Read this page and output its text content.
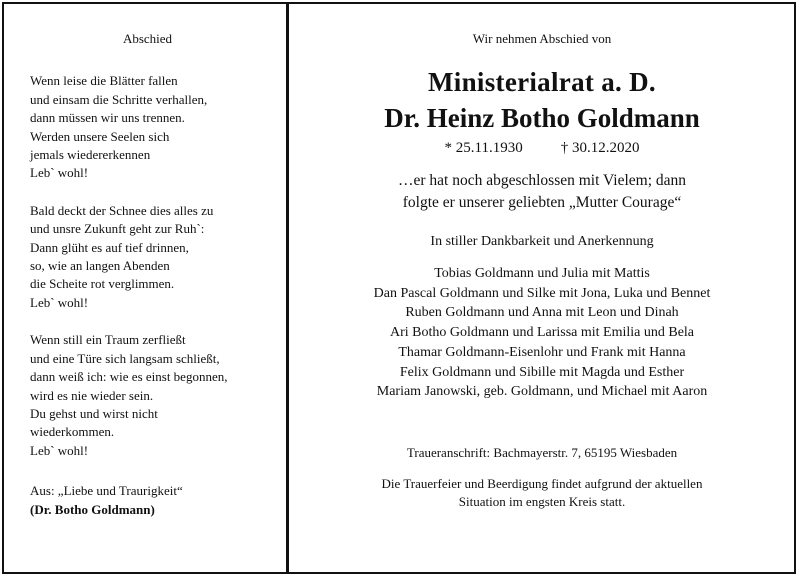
Abschied
Wenn leise die Blätter fallen
und einsam die Schritte verhallen,
dann müssen wir uns trennen.
Werden unsere Seelen sich
jemals wiedererkennen
Leb` wohl!
Bald deckt der Schnee dies alles zu
und unsre Zukunft geht zur Ruh`:
Dann glüht es auf tief drinnen,
so, wie an langen Abenden
die Scheite rot verglimmen.
Leb` wohl!
Wenn still ein Traum zerfließt
und eine Türe sich langsam schließt,
dann weiß ich: wie es einst begonnen,
wird es nie wieder sein.
Du gehst und wirst nicht
wiederkommen.
Leb` wohl!
Aus: „Liebe und Traurigkeit“
(Dr. Botho Goldmann)
Wir nehmen Abschied von
Ministerialrat a. D.
Dr. Heinz Botho Goldmann
* 25.11.1930	† 30.12.2020
…er hat noch abgeschlossen mit Vielem; dann
folgte er unserer geliebten „Mutter Courage“
In stiller Dankbarkeit und Anerkennung
Tobias Goldmann und Julia mit Mattis
Dan Pascal Goldmann und Silke mit Jona, Luka und Bennet
Ruben Goldmann und Anna mit Leon und Dinah
Ari Botho Goldmann und Larissa mit Emilia und Bela
Thamar Goldmann-Eisenlohr und Frank mit Hanna
Felix Goldmann und Sibille mit Magda und Esther
Mariam Janowski, geb. Goldmann, und Michael mit Aaron
Traueranschrift: Bachmayerstr. 7, 65195 Wiesbaden
Die Trauerfeier und Beerdigung findet aufgrund der aktuellen
Situation im engsten Kreis statt.
